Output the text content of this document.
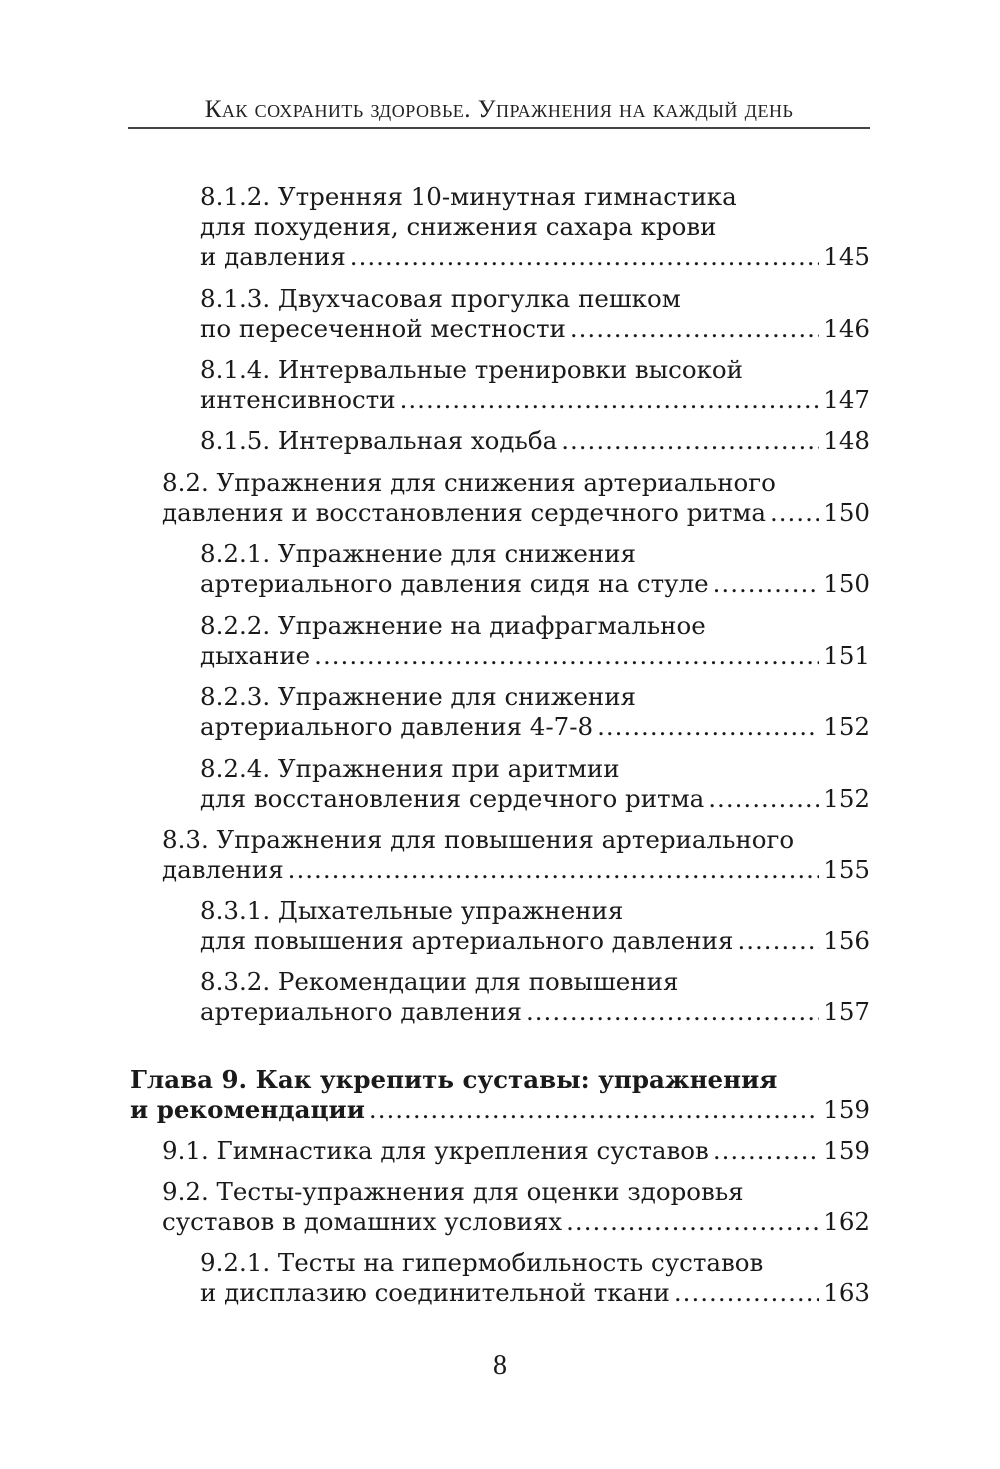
Как сохранить здоровье. Упражнения на каждый день
8.1.2. Утренняя 10-минутная гимнастика
для похудения, снижения сахара крови
и давления .....	145
8.1.3. Двухчасовая прогулка пешком
по пересеченной местности .....	146
8.1.4. Интервальные тренировки высокой
интенсивности .....	147
8.1.5. Интервальная ходьба .....	148
8.2. Упражнения для снижения артериального
давления и восстановления сердечного ритма ..... 150
8.2.1. Упражнение для снижения
артериального давления сидя на стуле .....	150
8.2.2. Упражнение на диафрагмальное
дыхание .....	151
8.2.3. Упражнение для снижения
артериального давления 4-7-8 .....	152
8.2.4. Упражнения при аритмии
для восстановления сердечного ритма .....	152
8.3. Упражнения для повышения артериального
давления .....	155
8.3.1. Дыхательные упражнения
для повышения артериального давления .....	156
8.3.2. Рекомендации для повышения
артериального давления .....	157
Глава 9. Как укрепить суставы: упражнения
и рекомендации .....	159
9.1. Гимнастика для укрепления суставов .....	159
9.2. Тесты-упражнения для оценки здоровья
суставов в домашних условиях .....	162
9.2.1. Тесты на гипермобильность суставов
и дисплазию соединительной ткани .....	163
8
